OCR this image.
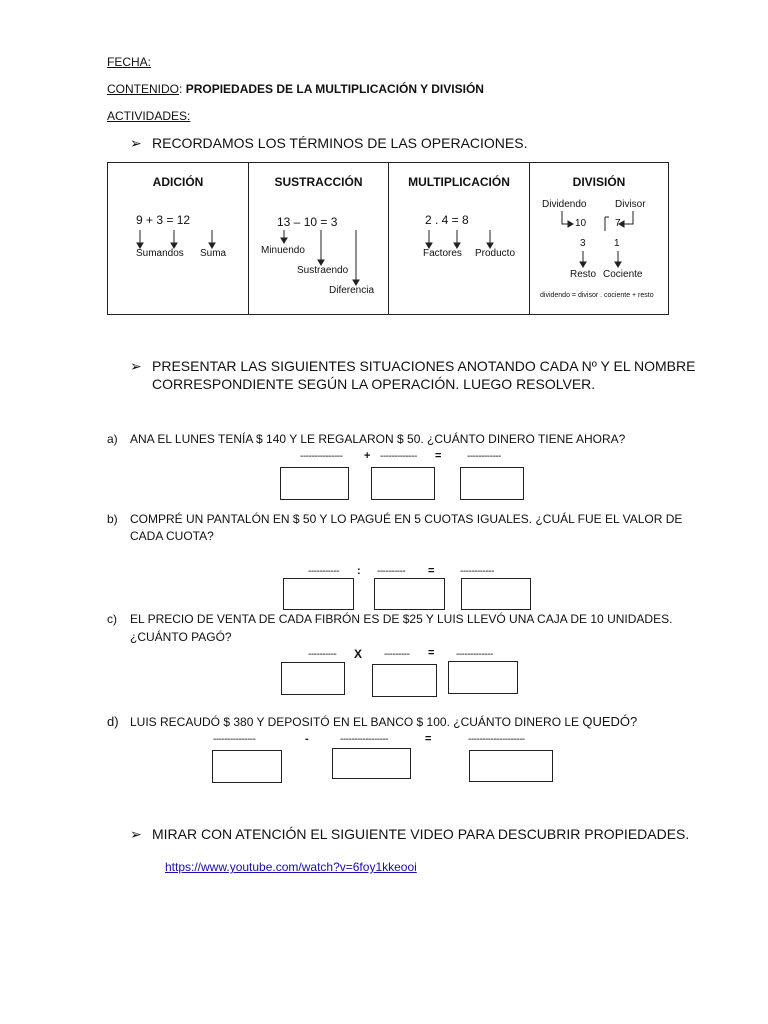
FECHA:
CONTENIDO: PROPIEDADES DE LA MULTIPLICACIÓN Y DIVISIÓN
ACTIVIDADES:
➢ RECORDAMOS LOS TÉRMINOS DE LAS OPERACIONES.
ADICIÓN
9 + 3 = 12
Sumandos Suma
SUSTRACCIÓN
13 – 10 = 3
Minuendo
Sustraendo
Diferencia
MULTIPLICACIÓN
2 . 4 = 8
Factores Producto
DIVISIÓN
Dividendo	Divisor
10	7
3	1
Resto Cociente
dividendo = divisor . cociente + resto
➢ PRESENTAR LAS SIGUIENTES SITUACIONES ANOTANDO CADA Nº Y EL NOMBRE
CORRESPONDIENTE SEGÚN LA OPERACIÓN. LUEGO RESOLVER.
a) ANA EL LUNES TENÍA $ 140 Y LE REGALARON $ 50. ¿CUÁNTO DINERO TIENE AHORA?
--------------- + ------------- =	------------
b) COMPRÉ UN PANTALÓN EN $ 50 Y LO PAGUÉ EN 5 CUOTAS IGUALES. ¿CUÁL FUE EL VALOR DE
CADA CUOTA?
----------- : ---------- =	------------
c) EL PRECIO DE VENTA DE CADA FIBRÓN ES DE $25 Y LUIS LLEVÓ UNA CAJA DE 10 UNIDADES.
¿CUÁNTO PAGÓ?
---------- X --------- = -------------
d) LUIS RECAUDÓ $ 380 Y DEPOSITÓ EN EL BANCO $ 100. ¿CUÁNTO DINERO LE QUEDÓ?
---------------	-	-----------------	=	--------------------
➢ MIRAR CON ATENCIÓN EL SIGUIENTE VIDEO PARA DESCUBRIR PROPIEDADES.
https://www.youtube.com/watch?v=6foy1kkeooi
